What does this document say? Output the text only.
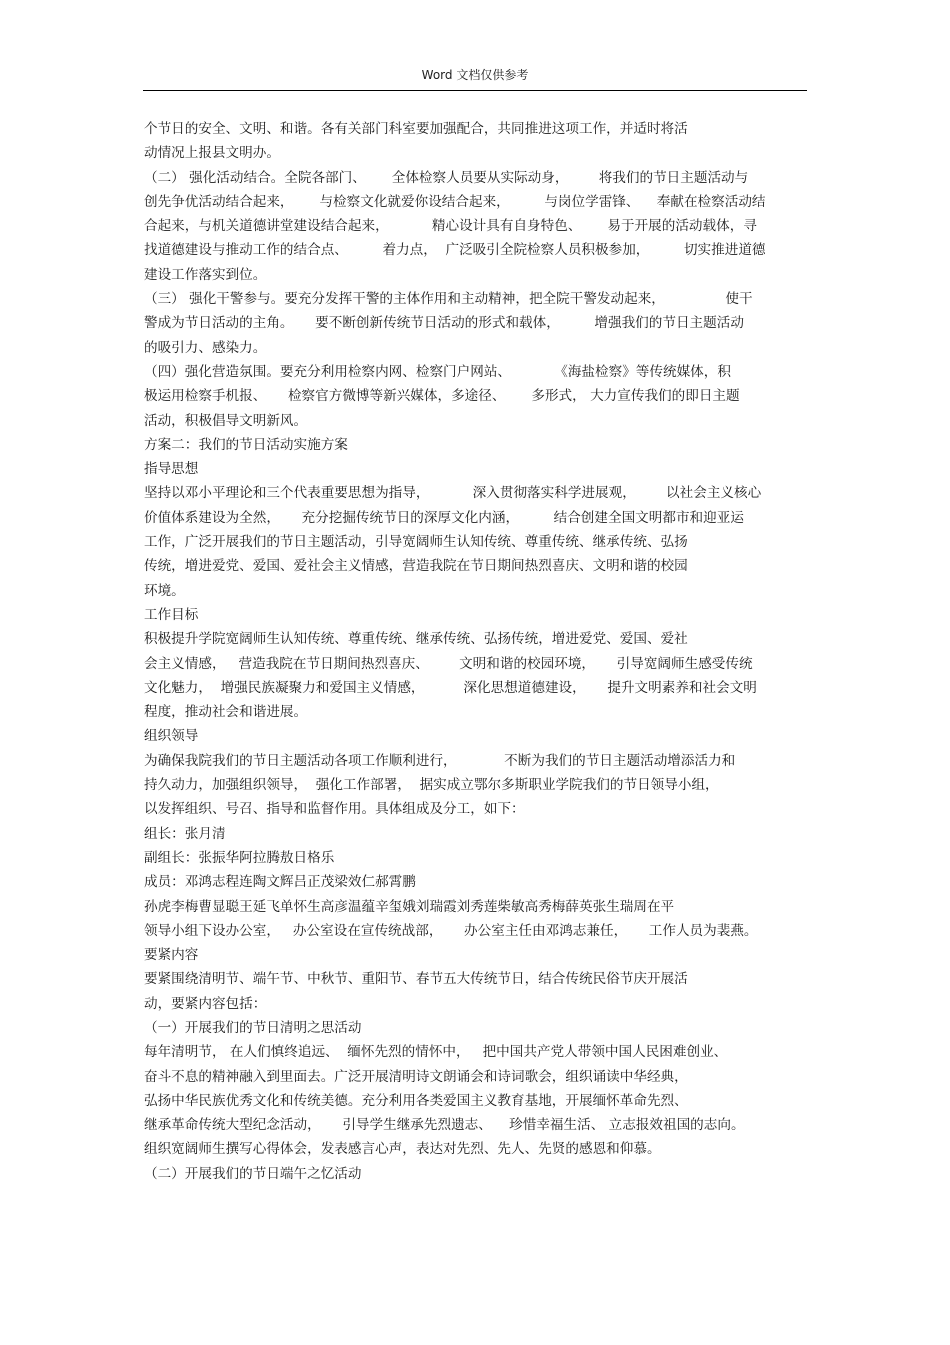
Word 文档仅供参考
个节日的安全、文明、和谐。各有关部门科室要加强配合，共同推进这项工作，并适时将活
动情况上报县文明办。
（二） 强化活动结合。全院各部门、      全体检察人员要从实际动身，       将我们的节日主题活动与
创先争优活动结合起来，      与检察文化就爱你设结合起来，        与岗位学雷锋、    奉献在检察活动结
合起来，与机关道德讲堂建设结合起来，          精心设计具有自身特色、      易于开展的活动载体，寻
找道德建设与推动工作的结合点、        着力点，  广泛吸引全院检察人员积极参加，        切实推进道德
建设工作落实到位。
（三） 强化干警参与。要充分发挥干警的主体作用和主动精神，把全院干警发动起来，              使干
警成为节日活动的主角。     要不断创新传统节日活动的形式和载体，        增强我们的节日主题活动
的吸引力、感染力。
（四）强化营造氛围。要充分利用检察内网、检察门户网站、          《海盐检察》等传统媒体，积
极运用检察手机报、     检察官方微博等新兴媒体，多途径、      多形式， 大力宣传我们的即日主题
活动，积极倡导文明新风。
方案二：我们的节日活动实施方案
指导思想
坚持以邓小平理论和三个代表重要思想为指导，          深入贯彻落实科学进展观，       以社会主义核心
价值体系建设为全然，     充分挖掘传统节日的深厚文化内涵，        结合创建全国文明都市和迎亚运
工作，广泛开展我们的节日主题活动，引导宽阔师生认知传统、尊重传统、继承传统、弘扬
传统，增进爱党、爱国、爱社会主义情感，营造我院在节日期间热烈喜庆、文明和谐的校园
环境。
工作目标
积极提升学院宽阔师生认知传统、尊重传统、继承传统、弘扬传统，增进爱党、爱国、爱社
会主义情感，   营造我院在节日期间热烈喜庆、       文明和谐的校园环境，     引导宽阔师生感受传统
文化魅力，  增强民族凝聚力和爱国主义情感，         深化思想道德建设，     提升文明素养和社会文明
程度，推动社会和谐进展。
组织领导
为确保我院我们的节日主题活动各项工作顺利进行，           不断为我们的节日主题活动增添活力和
持久动力，加强组织领导，  强化工作部署，  据实成立鄂尔多斯职业学院我们的节日领导小组，
以发挥组织、号召、指导和监督作用。具体组成及分工，如下：
组长：张月清
副组长：张振华阿拉腾敖日格乐
成员：邓鸿志程连陶文辉吕正茂梁效仁郝霄鹏
孙虎李梅曹显聪王延飞单怀生高彦温蕴辛玺娥刘瑞霞刘秀莲柴敏高秀梅薛英张生瑞周在平
领导小组下设办公室，   办公室设在宣传统战部，     办公室主任由邓鸿志兼任，     工作人员为裴燕。
要紧内容
要紧围绕清明节、端午节、中秋节、重阳节、春节五大传统节日，结合传统民俗节庆开展活
动，要紧内容包括：
（一）开展我们的节日清明之思活动
每年清明节， 在人们慎终追远、  缅怀先烈的情怀中，   把中国共产党人带领中国人民困难创业、
奋斗不息的精神融入到里面去。广泛开展清明诗文朗诵会和诗词歌会，组织诵读中华经典，
弘扬中华民族优秀文化和传统美德。充分利用各类爱国主义教育基地，开展缅怀革命先烈、
继承革命传统大型纪念活动，     引导学生继承先烈遗志、    珍惜幸福生活、 立志报效祖国的志向。
组织宽阔师生撰写心得体会，发表感言心声，表达对先烈、先人、先贤的感恩和仰慕。
（二）开展我们的节日端午之忆活动
